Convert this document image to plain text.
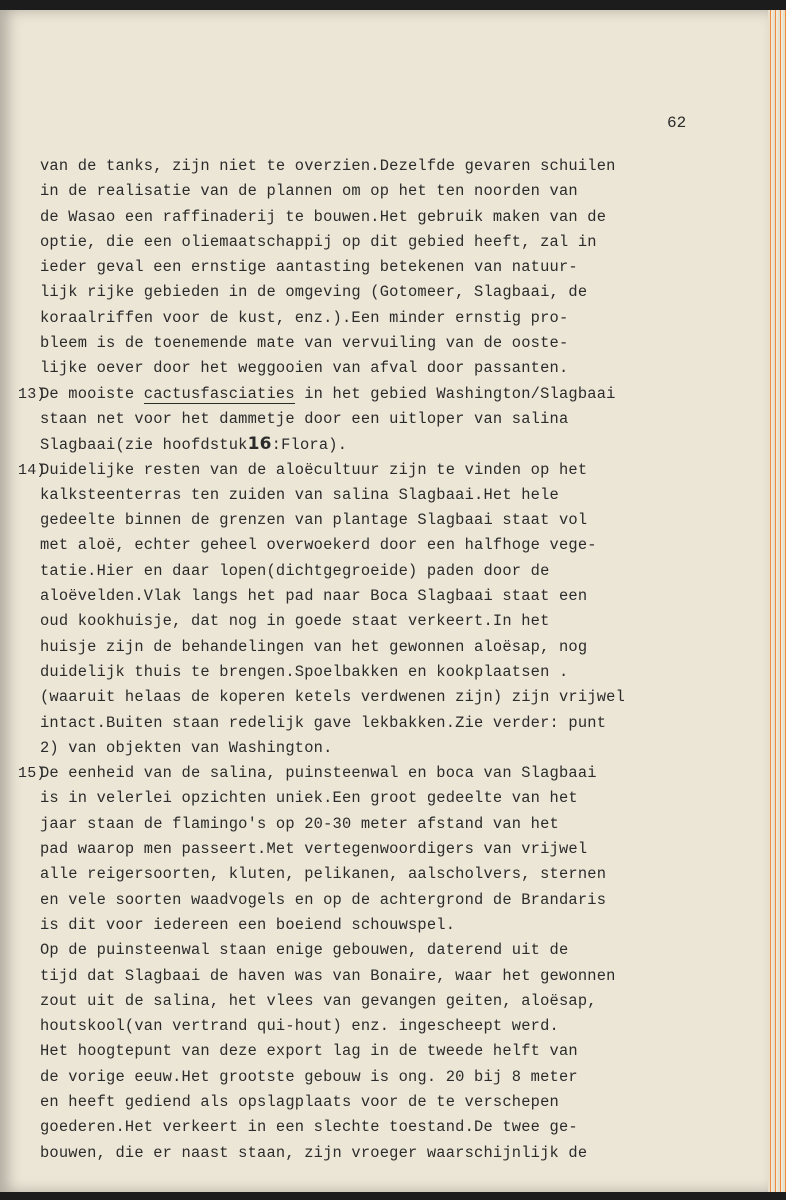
62
van de tanks, zijn niet te overzien.Dezelfde gevaren schuilen
in de realisatie van de plannen om op het ten noorden van
de Wasao een raffinaderij te bouwen.Het gebruik maken van de
optie, die een oliemaatschappij op dit gebied heeft, zal in
ieder geval een ernstige aantasting betekenen van natuur-
lijk rijke gebieden in de omgeving (Gotomeer, Slagbaai, de
koraalriffen voor de kust, enz.).Een minder ernstig pro-
bleem is de toenemende mate van vervuiling van de ooste-
lijke oever door het weggooien van afval door passanten.
13)
De mooiste cactusfasciaties in het gebied Washington/Slagbaai
staan net voor het dammetje door een uitloper van salina
Slagbaai(zie hoofdstuk16:Flora).
14)
Duidelijke resten van de aloëcultuur zijn te vinden op het
kalksteenterras ten zuiden van salina Slagbaai.Het hele
gedeelte binnen de grenzen van plantage Slagbaai staat vol
met aloë, echter geheel overwoekerd door een halfhoge vege-
tatie.Hier en daar lopen(dichtgegroeide) paden door de
aloëvelden.Vlak langs het pad naar Boca Slagbaai staat een
oud kookhuisje, dat nog in goede staat verkeert.In het
huisje zijn de behandelingen van het gewonnen aloësap, nog
duidelijk thuis te brengen.Spoelbakken en kookplaatsen .
(waaruit helaas de koperen ketels verdwenen zijn) zijn vrijwel
intact.Buiten staan redelijk gave lekbakken.Zie verder: punt
2) van objekten van Washington.
15)
De eenheid van de salina, puinsteenwal en boca van Slagbaai
is in velerlei opzichten uniek.Een groot gedeelte van het
jaar staan de flamingo's op 20-30 meter afstand van het
pad waarop men passeert.Met vertegenwoordigers van vrijwel
alle reigersoorten, kluten, pelikanen, aalscholvers, sternen
en vele soorten waadvogels en op de achtergrond de Brandaris
is dit voor iedereen een boeiend schouwspel.
Op de puinsteenwal staan enige gebouwen, daterend uit de
tijd dat Slagbaai de haven was van Bonaire, waar het gewonnen
zout uit de salina, het vlees van gevangen geiten, aloësap,
houtskool(van vertrand qui-hout) enz. ingescheept werd.
Het hoogtepunt van deze export lag in de tweede helft van
de vorige eeuw.Het grootste gebouw is ong. 20 bij 8 meter
en heeft gediend als opslagplaats voor de te verschepen
goederen.Het verkeert in een slechte toestand.De twee ge-
bouwen, die er naast staan, zijn vroeger waarschijnlijk de
